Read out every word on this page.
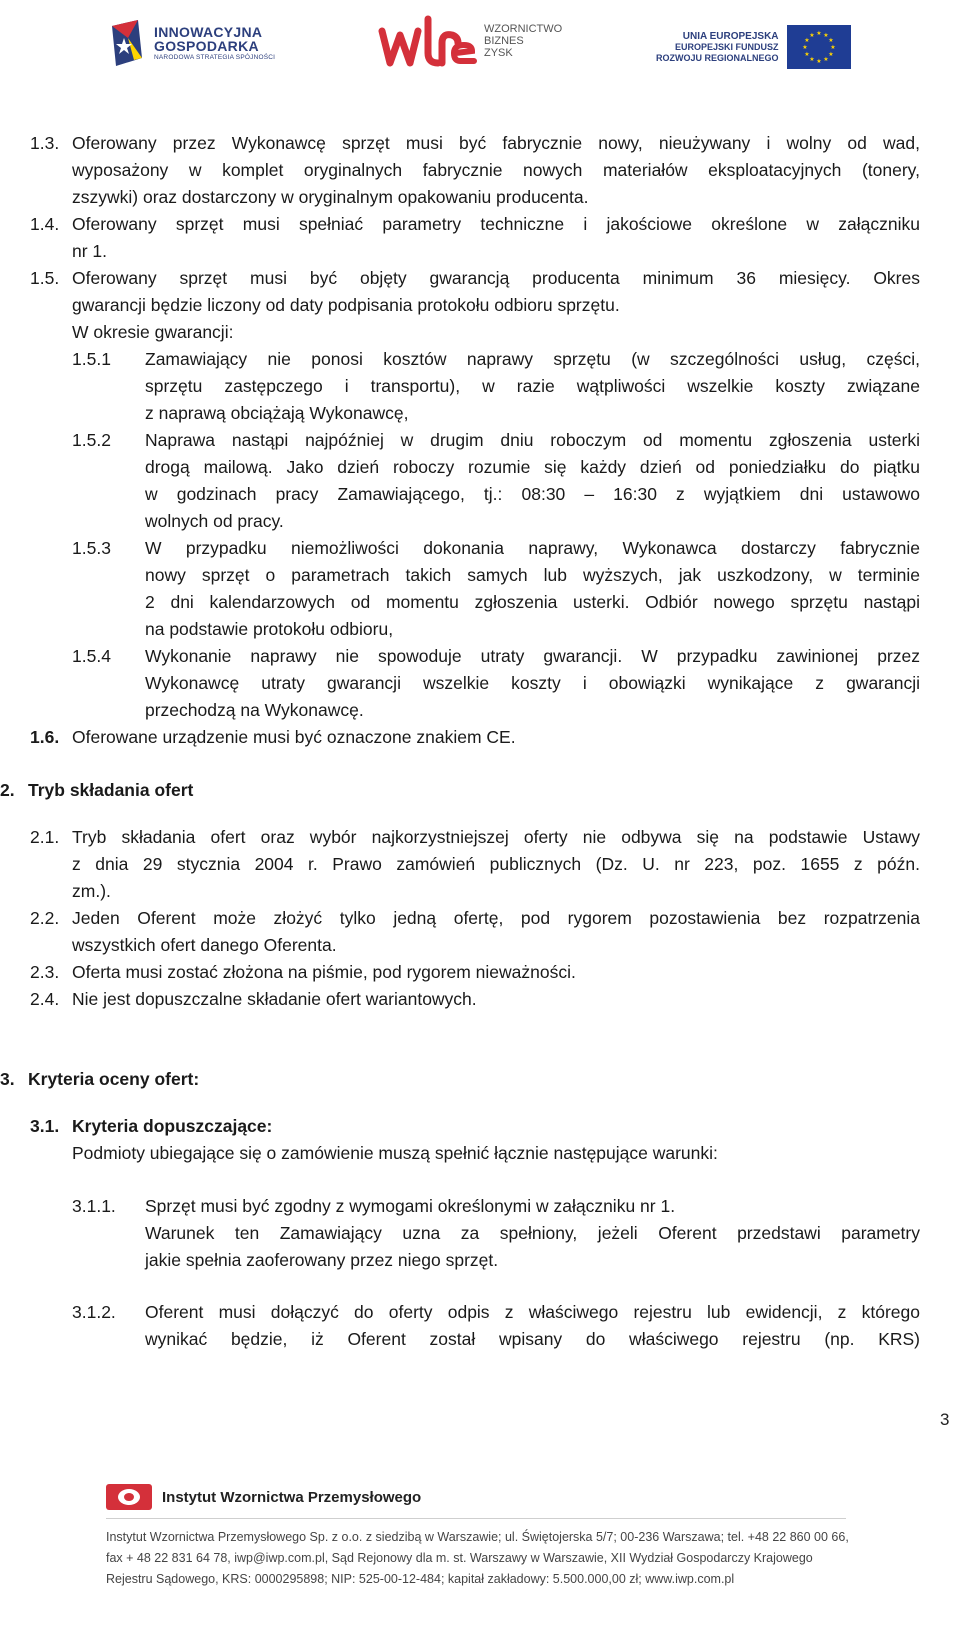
INNOWACYJNA
GOSPODARKA
NARODOWA STRATEGIA SPÓJNOŚCI
WZORNICTWO
BIZNES
ZYSK
UNIA EUROPEJSKA
EUROPEJSKI FUNDUSZ
ROZWOJU REGIONALNEGO
★ ★
★
★
★
★
★
★
★
★
★
★
1.3. Oferowany przez Wykonawcę sprzęt musi być fabrycznie nowy, nieużywany i wolny od wad,
wyposażony w komplet oryginalnych fabrycznie nowych materiałów eksploatacyjnych (tonery,
zszywki) oraz dostarczony w oryginalnym opakowaniu producenta.
1.4. Oferowany sprzęt musi spełniać parametry techniczne i jakościowe określone w załączniku
nr 1.
1.5. Oferowany sprzęt musi być objęty gwarancją producenta minimum 36 miesięcy. Okres
gwarancji będzie liczony od daty podpisania protokołu odbioru sprzętu.
W okresie gwarancji:
1.5.1 Zamawiający nie ponosi kosztów naprawy sprzętu (w szczególności usług, części,
sprzętu zastępczego i transportu), w razie wątpliwości wszelkie koszty związane
z naprawą obciążają Wykonawcę,
1.5.2 Naprawa nastąpi najpóźniej w drugim dniu roboczym od momentu zgłoszenia usterki
drogą mailową. Jako dzień roboczy rozumie się każdy dzień od poniedziałku do piątku
w godzinach pracy Zamawiającego, tj.: 08:30 – 16:30 z wyjątkiem dni ustawowo
wolnych od pracy.
1.5.3 W przypadku niemożliwości dokonania naprawy, Wykonawca dostarczy fabrycznie
nowy sprzęt o parametrach takich samych lub wyższych, jak uszkodzony, w terminie
2 dni kalendarzowych od momentu zgłoszenia usterki. Odbiór nowego sprzętu nastąpi
na podstawie protokołu odbioru,
1.5.4 Wykonanie naprawy nie spowoduje utraty gwarancji. W przypadku zawinionej przez
Wykonawcę utraty gwarancji wszelkie koszty i obowiązki wynikające z gwarancji
przechodzą na Wykonawcę.
1.6. Oferowane urządzenie musi być oznaczone znakiem CE.
2. Tryb składania ofert
2.1. Tryb składania ofert oraz wybór najkorzystniejszej oferty nie odbywa się na podstawie Ustawy
z dnia 29 stycznia 2004 r. Prawo zamówień publicznych (Dz. U. nr 223, poz. 1655 z późn.
zm.).
2.2. Jeden Oferent może złożyć tylko jedną ofertę, pod rygorem pozostawienia bez rozpatrzenia
wszystkich ofert danego Oferenta.
2.3. Oferta musi zostać złożona na piśmie, pod rygorem nieważności.
2.4. Nie jest dopuszczalne składanie ofert wariantowych.
3. Kryteria oceny ofert:
3.1. Kryteria dopuszczające:
Podmioty ubiegające się o zamówienie muszą spełnić łącznie następujące warunki:
3.1.1. Sprzęt musi być zgodny z wymogami określonymi w załączniku nr 1.
Warunek ten Zamawiający uzna za spełniony, jeżeli Oferent przedstawi parametry
jakie spełnia zaoferowany przez niego sprzęt.
3.1.2. Oferent musi dołączyć do oferty odpis z właściwego rejestru lub ewidencji, z którego
wynikać będzie, iż Oferent został wpisany do właściwego rejestru (np. KRS)
3
Instytut Wzornictwa Przemysłowego
Instytut Wzornictwa Przemysłowego Sp. z o.o. z siedzibą w Warszawie; ul. Świętojerska 5/7; 00-236 Warszawa; tel. +48 22 860 00 66,
fax + 48 22 831 64 78, iwp@iwp.com.pl, Sąd Rejonowy dla m. st. Warszawy w Warszawie, XII Wydział Gospodarczy Krajowego
Rejestru Sądowego, KRS: 0000295898; NIP: 525-00-12-484; kapitał zakładowy: 5.500.000,00 zł; www.iwp.com.pl
